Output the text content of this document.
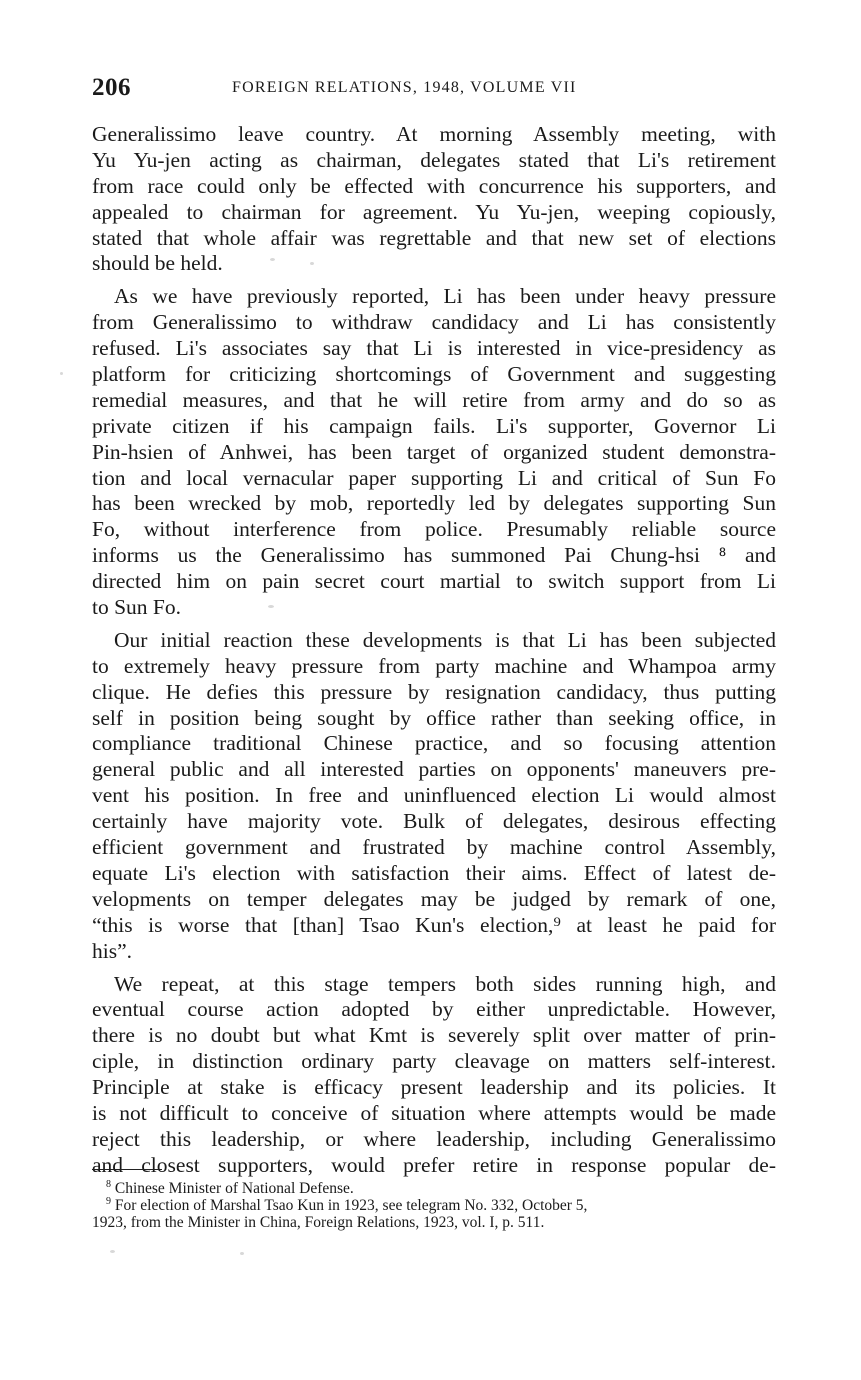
206	FOREIGN RELATIONS, 1948, VOLUME VII
Generalissimo leave country. At morning Assembly meeting, with
Yu Yu-jen acting as chairman, delegates stated that Li's retirement
from race could only be effected with concurrence his supporters, and
appealed to chairman for agreement. Yu Yu-jen, weeping copiously,
stated that whole affair was regrettable and that new set of elections
should be held.
As we have previously reported, Li has been under heavy pressure
from Generalissimo to withdraw candidacy and Li has consistently
refused. Li's associates say that Li is interested in vice-presidency as
platform for criticizing shortcomings of Government and suggesting
remedial measures, and that he will retire from army and do so as
private citizen if his campaign fails. Li's supporter, Governor Li
Pin-hsien of Anhwei, has been target of organized student demonstra-
tion and local vernacular paper supporting Li and critical of Sun Fo
has been wrecked by mob, reportedly led by delegates supporting Sun
Fo, without interference from police. Presumably reliable source
informs us the Generalissimo has summoned Pai Chung-hsi ⁸ and
directed him on pain secret court martial to switch support from Li
to Sun Fo.
Our initial reaction these developments is that Li has been subjected
to extremely heavy pressure from party machine and Whampoa army
clique. He defies this pressure by resignation candidacy, thus putting
self in position being sought by office rather than seeking office, in
compliance traditional Chinese practice, and so focusing attention
general public and all interested parties on opponents' maneuvers pre-
vent his position. In free and uninfluenced election Li would almost
certainly have majority vote. Bulk of delegates, desirous effecting
efficient government and frustrated by machine control Assembly,
equate Li's election with satisfaction their aims. Effect of latest de-
velopments on temper delegates may be judged by remark of one,
“this is worse that [than] Tsao Kun's election,⁹ at least he paid for
his”.
We repeat, at this stage tempers both sides running high, and
eventual course action adopted by either unpredictable. However,
there is no doubt but what Kmt is severely split over matter of prin-
ciple, in distinction ordinary party cleavage on matters self-interest.
Principle at stake is efficacy present leadership and its policies. It
is not difficult to conceive of situation where attempts would be made
reject this leadership, or where leadership, including Generalissimo
and closest supporters, would prefer retire in response popular de-
$^8$ Chinese Minister of National Defense.
$^9$ For election of Marshal Tsao Kun in 1923, see telegram No. 332, October 5,
1923, from the Minister in China, Foreign Relations, 1923, vol. I, p. 511.
